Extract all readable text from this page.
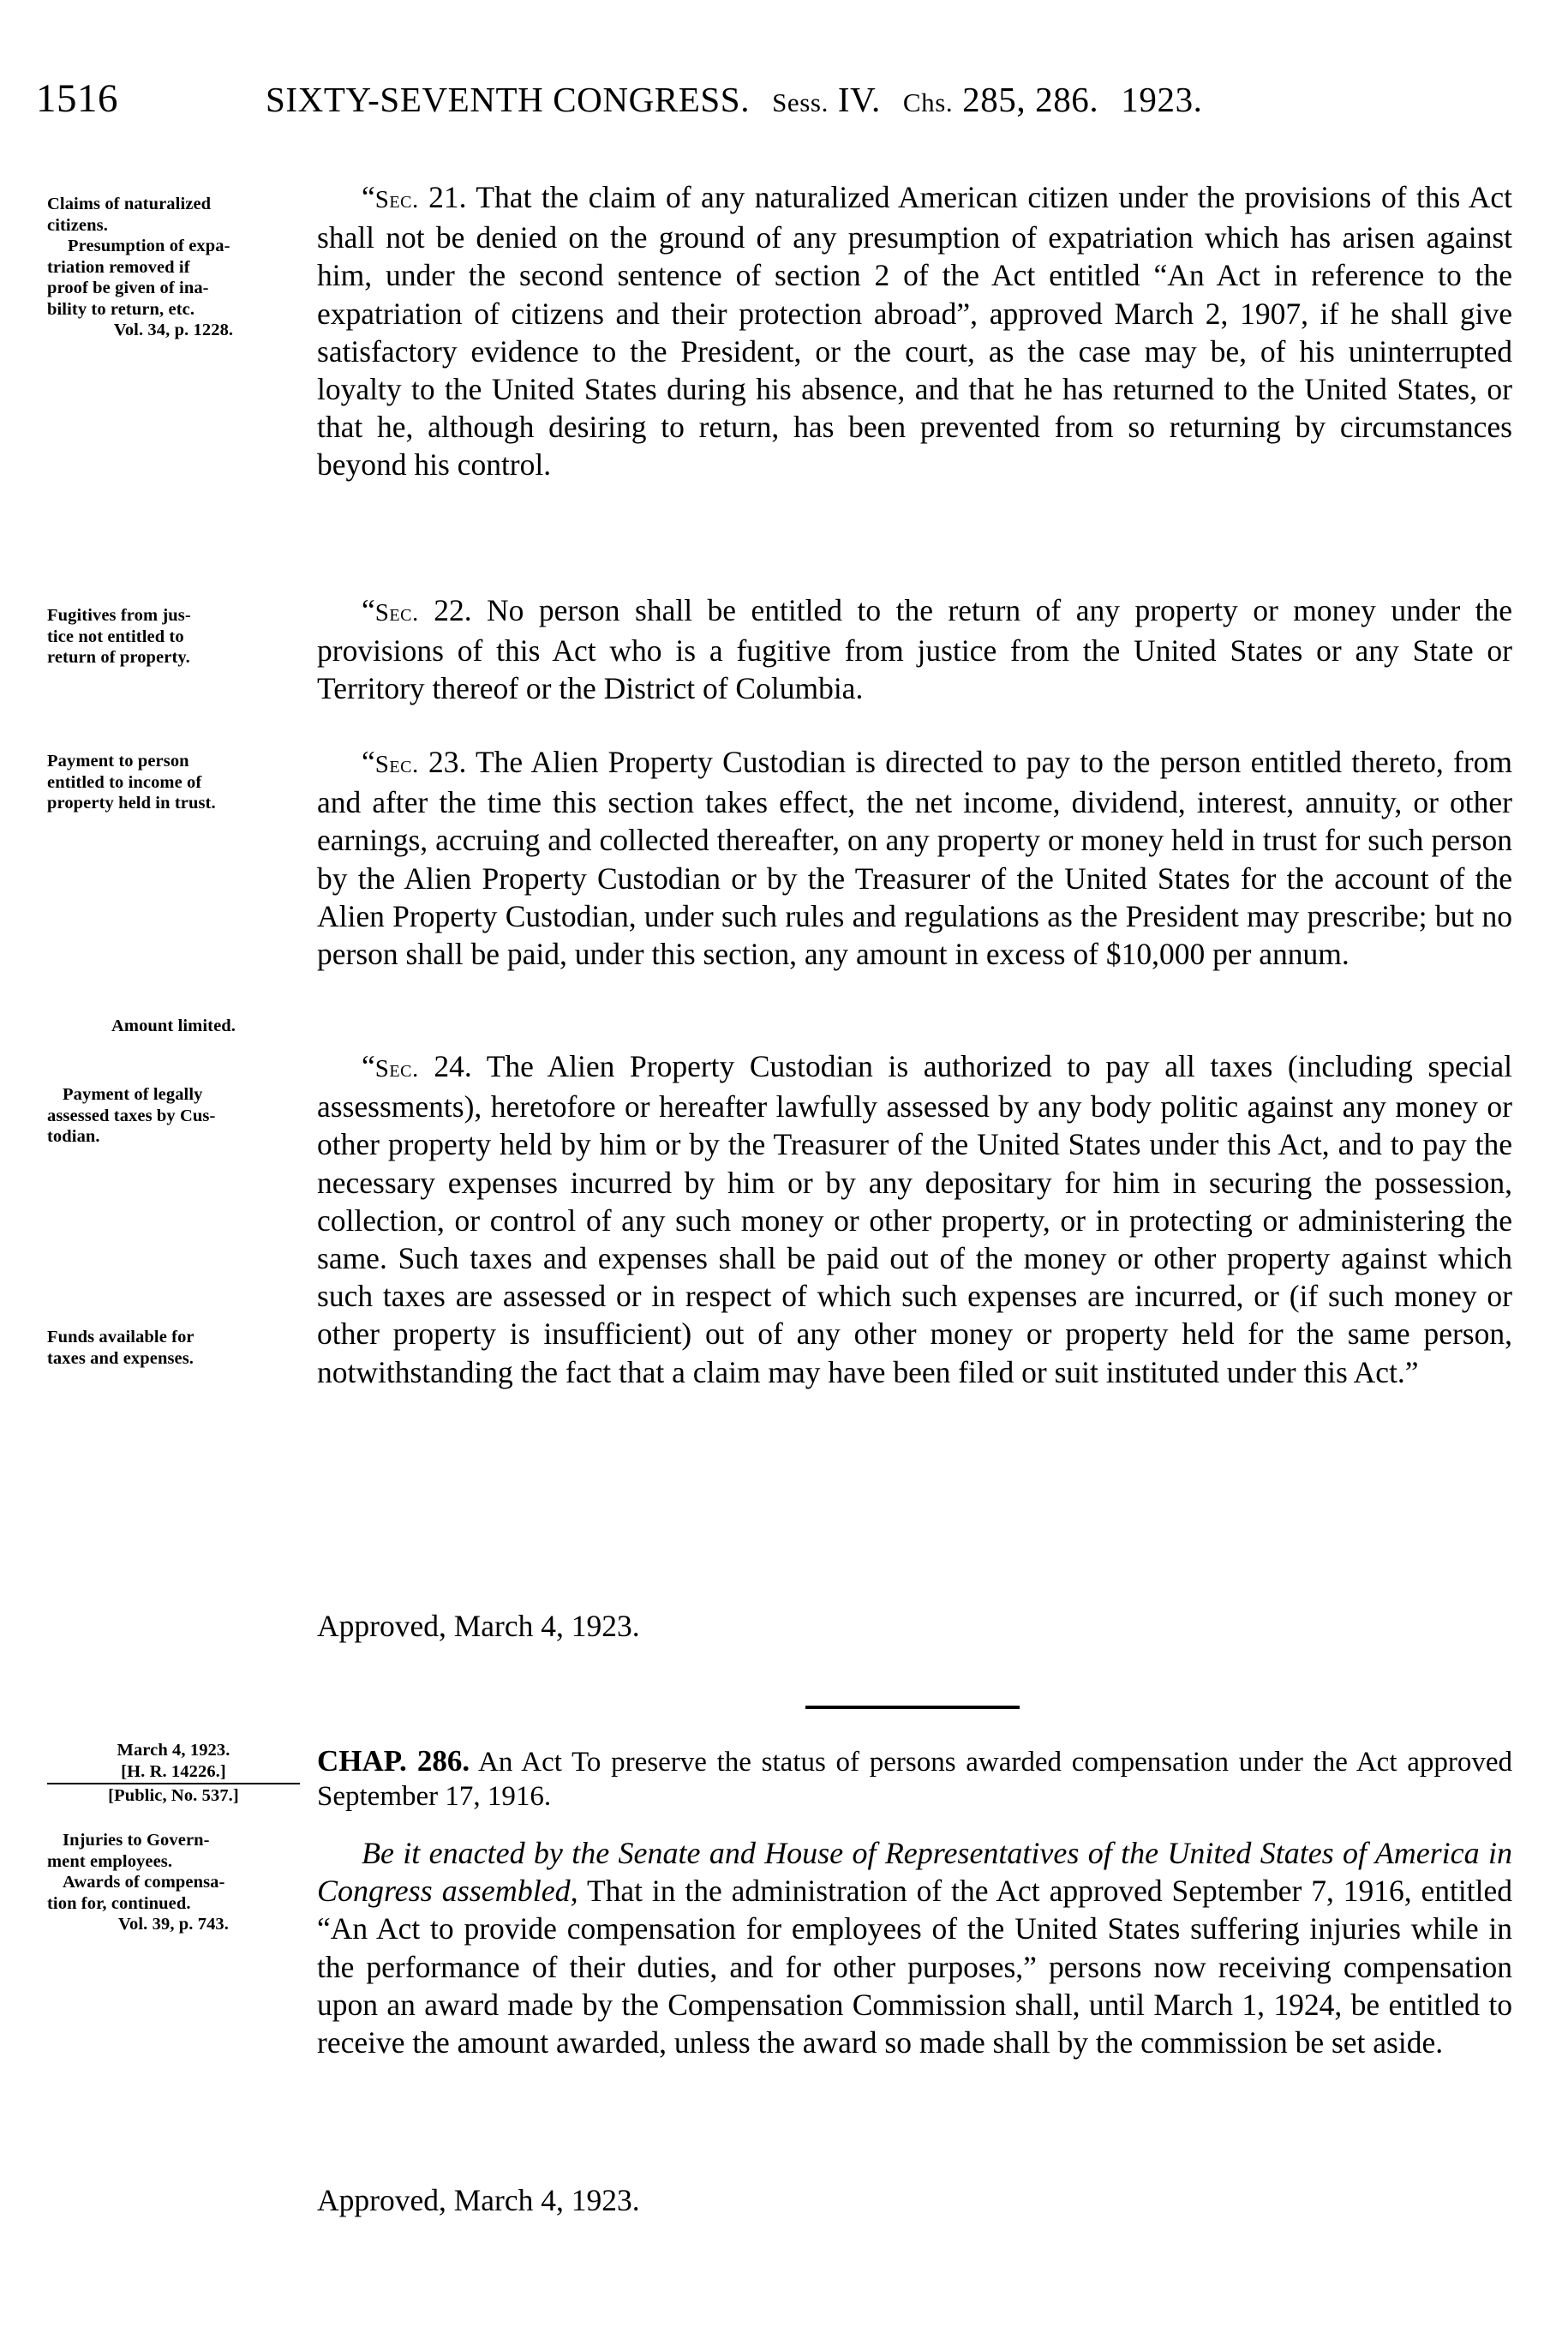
1516	SIXTY-SEVENTH CONGRESS. Sess. IV. Chs. 285, 286. 1923.
Claims of naturalized
citizens.
Presumption of expa-
triation removed if
proof be given of ina-
bility to return, etc.
Vol. 34, p. 1228.
Fugitives from jus-
tice not entitled to
return of property.
Payment to person
entitled to income of
property held in trust.
Amount limited.
Payment of legally
assessed taxes by Cus-
todian.
Funds available for
taxes and expenses.
March 4, 1923.
[H. R. 14226.]
[Public, No. 537.]
Injuries to Govern-
ment employees.
Awards of compensa-
tion for, continued.
Vol. 39, p. 743.

“Sec. 21. That the claim of any naturalized American citizen under the provisions of this Act shall not be denied on the ground of any presumption of expatriation which has arisen against him, under the second sentence of section 2 of the Act entitled “An Act in reference to the expatriation of citizens and their protection abroad”, approved March 2, 1907, if he shall give satisfactory evidence to the President, or the court, as the case may be, of his uninterrupted loyalty to the United States during his absence, and that he has returned to the United States, or that he, although desiring to return, has been prevented from so returning by circumstances beyond his control.

“Sec. 22. No person shall be entitled to the return of any property or money under the provisions of this Act who is a fugitive from justice from the United States or any State or Territory thereof or the District of Columbia.

“Sec. 23. The Alien Property Custodian is directed to pay to the person entitled thereto, from and after the time this section takes effect, the net income, dividend, interest, annuity, or other earnings, accruing and collected thereafter, on any property or money held in trust for such person by the Alien Property Custodian or by the Treasurer of the United States for the account of the Alien Property Custodian, under such rules and regulations as the President may prescribe; but no person shall be paid, under this section, any amount in excess of $10,000 per annum.

“Sec. 24. The Alien Property Custodian is authorized to pay all taxes (including special assessments), heretofore or hereafter lawfully assessed by any body politic against any money or other property held by him or by the Treasurer of the United States under this Act, and to pay the necessary expenses incurred by him or by any depositary for him in securing the possession, collection, or control of any such money or other property, or in protecting or administering the same. Such taxes and expenses shall be paid out of the money or other property against which such taxes are assessed or in respect of which such expenses are incurred, or (if such money or other property is insufficient) out of any other money or property held for the same person, notwithstanding the fact that a claim may have been filed or suit instituted under this Act.”

Approved, March 4, 1923.

CHAP. 286. An Act To preserve the status of persons awarded compensation under the Act approved September 17, 1916.

Be it enacted by the Senate and House of Representatives of the United States of America in Congress assembled, That in the administration of the Act approved September 7, 1916, entitled “An Act to provide compensation for employees of the United States suffering injuries while in the performance of their duties, and for other purposes,” persons now receiving compensation upon an award made by the Compensation Commission shall, until March 1, 1924, be entitled to receive the amount awarded, unless the award so made shall by the commission be set aside.

Approved, March 4, 1923.
